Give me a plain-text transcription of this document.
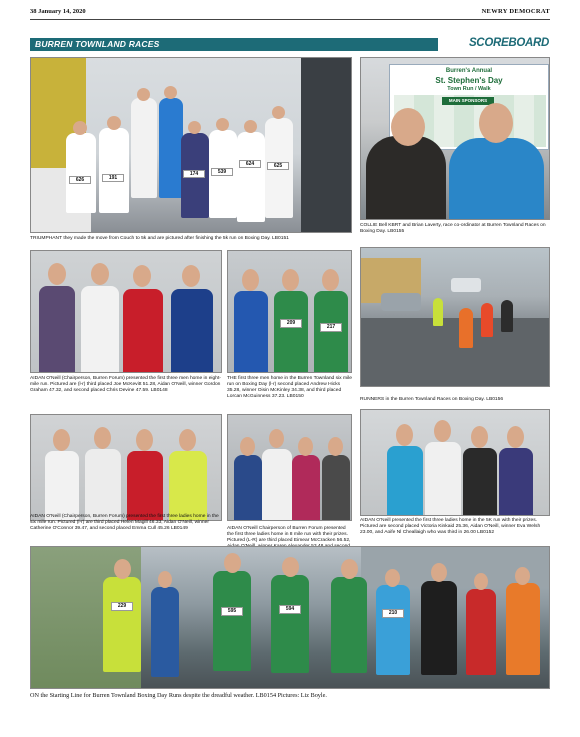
38 January 14, 2020	NEWRY DEMOCRAT
BURREN TOWNLAND RACES	SCOREBOARD
626	191
174	539
624	625
TRIUMPHANT they made the move from Couch to 5k and are pictured after finishing the 5k run on Boxing Day. LB0151
Burren's Annual
St. Stephen's Day
Town Run / Walk
MAIN SPONSORS
COLLIE Bell KBRT and Brian Laverty, race co-ordinator at Burren Townland Races on Boxing Day. LB0155
AIDAN O'Neill (Chairperson, Burren Forum) presented the first three men home in eight-mile run. Pictured are (l-r) third placed Joe McKevitt 51.28, Aidan O'Neill, winner Gordon Graham 47.32, and second placed Chris Devine 47.59. LB0148
209
217
THE first three men home in the Burren Townland six mile run on Boxing Day (l-r) second placed Andrew Hicks 35.28, winner Oisin McKinley 34.38, and third placed Lorcan McGuinness 37.23. LB0150
RUNNERS in the Burren Townland Races on Boxing Day. LB0156
AIDAN O'Neill (Chairperson, Burren Forum) presented the first three ladies home in the six mile run. Pictured (l-r) are third placed Helen Magill 46.33, Aidan O'Neill, winner Catherine O'Connor 39.47, and second placed Emma Cull 45.26 LB0149	AIDAN O'Neill Chairperson of Burren Forum presented the first three ladies home in 8 mile run with their prizes. Pictured (L-R) are third placed Eimear McCracken 56.52,
AIDAN O'Neill presented the first three ladies home in the 5K run with their prizes. Pictured are second placed Victoria Kinkaid 25.36, Aidan O'Neill, winner Eva Welsh 23.00, and Aoife Nl Cheallaigh who was third in 26.00 LB0152
229
595	594
210
ON the Starting Line for Burren Townland Boxing Day Runs despite the dreadful weather. LB0154 Pictures: Liz Boyle.
